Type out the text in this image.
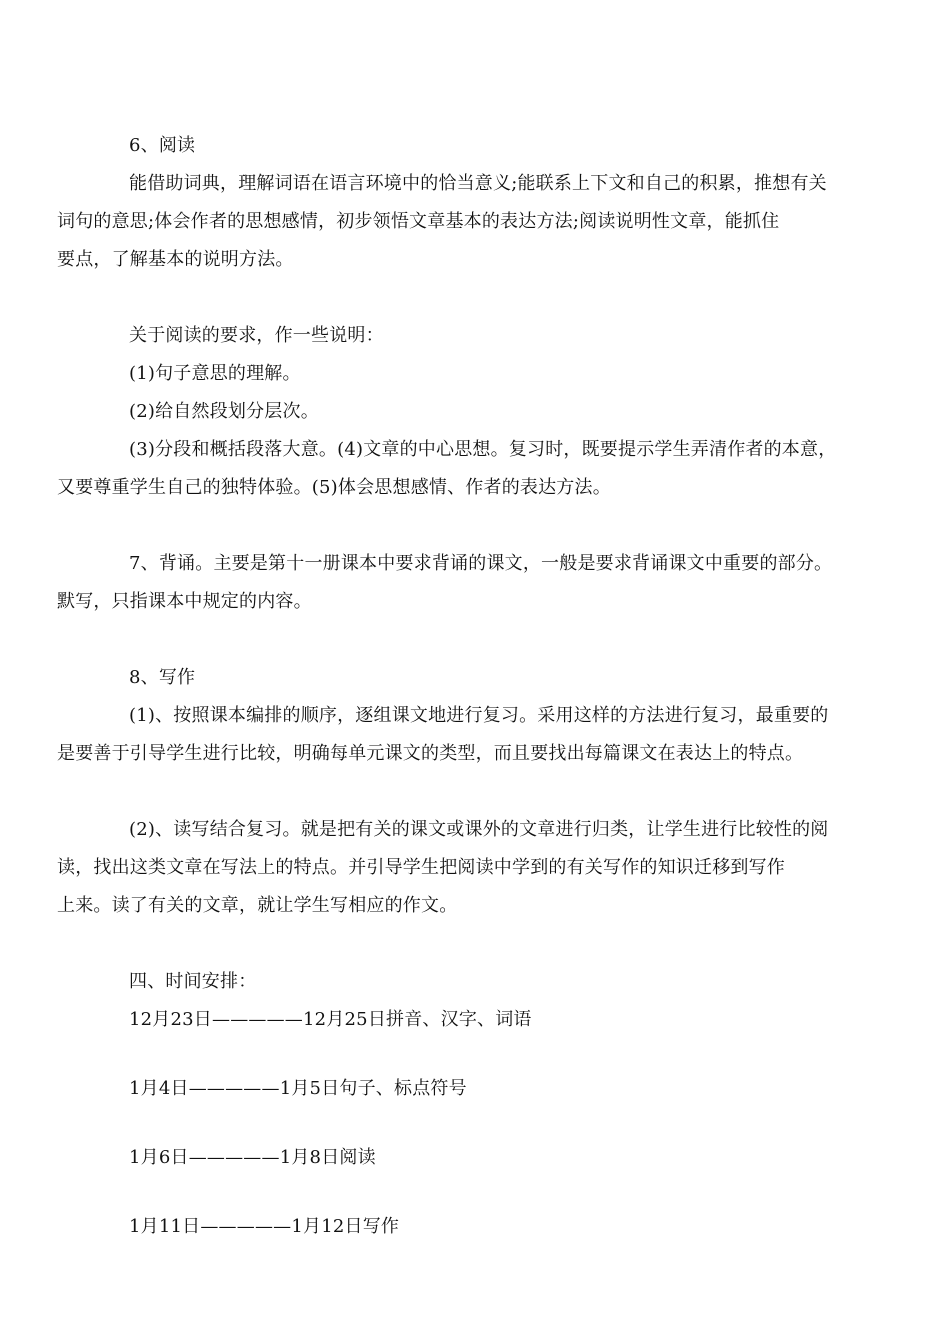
6、阅读

能借助词典，理解词语在语言环境中的恰当意义;能联系上下文和自己的积累，推想有关
词句的意思;体会作者的思想感情，初步领悟文章基本的表达方法;阅读说明性文章，能抓住
要点，了解基本的说明方法。

关于阅读的要求，作一些说明：

(1)句子意思的理解。

(2)给自然段划分层次。

(3)分段和概括段落大意。(4)文章的中心思想。复习时，既要提示学生弄清作者的本意，
又要尊重学生自己的独特体验。(5)体会思想感情、作者的表达方法。

7、背诵。主要是第十一册课本中要求背诵的课文，一般是要求背诵课文中重要的部分。
默写，只指课本中规定的内容。

8、写作

(1)、按照课本编排的顺序，逐组课文地进行复习。采用这样的方法进行复习，最重要的
是要善于引导学生进行比较，明确每单元课文的类型，而且要找出每篇课文在表达上的特点。

(2)、读写结合复习。就是把有关的课文或课外的文章进行归类，让学生进行比较性的阅
读，找出这类文章在写法上的特点。并引导学生把阅读中学到的有关写作的知识迁移到写作
上来。读了有关的文章，就让学生写相应的作文。

四、时间安排：

12月23日—————12月25日拼音、汉字、词语

1月4日—————1月5日句子、标点符号

1月6日—————1月8日阅读

1月11日—————1月12日写作
